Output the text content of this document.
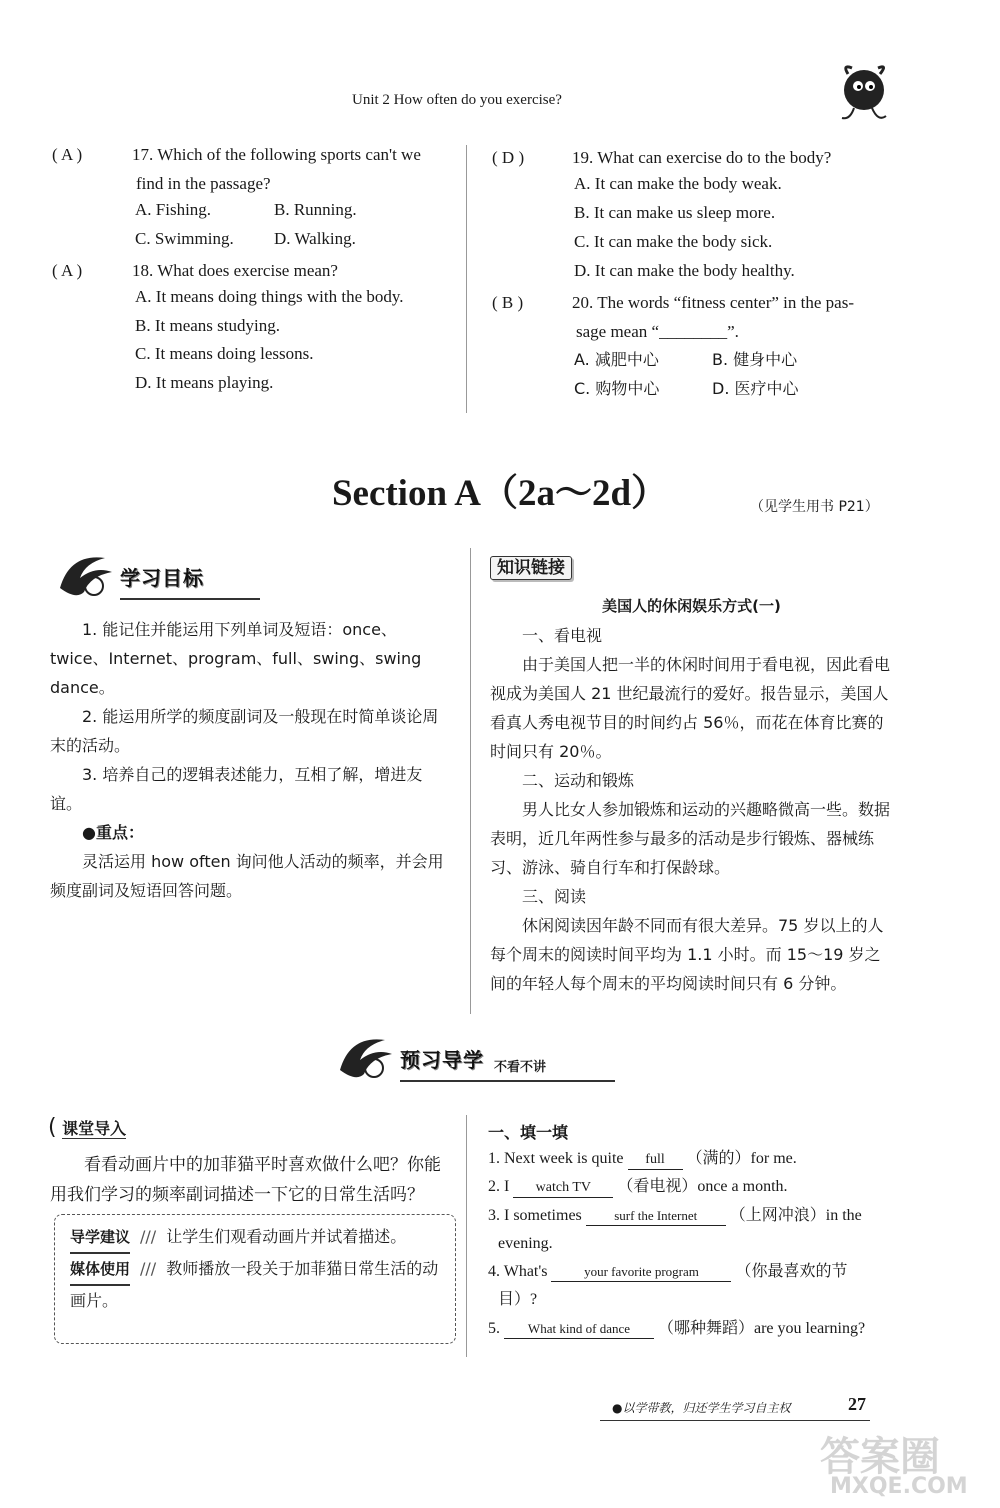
Unit 2 How often do you exercise?
( A )	17. Which of the following sports can't we
find in the passage?
A. Fishing.	B. Running.
C. Swimming. D. Walking.
( A )	18. What does exercise mean?
A. It means doing things with the body.
B. It means studying.
C. It means doing lessons.
D. It means playing.
( D )	19. What can exercise do to the body?
A. It can make the body weak.
B. It can make us sleep more.
C. It can make the body sick.
D. It can make the body healthy.
( B )	20. The words “fitness center” in the pas-
sage mean “________”.
A. 减肥中心	B. 健身中心
C. 购物中心	D. 医疗中心
Section A（2a～2d）	（见学生用书 P21）
学习目标

1. 能记住并能运用下列单词及短语：once、twice、Internet、program、full、swing、swing dance。

2. 能运用所学的频度副词及一般现在时简单谈论周末的活动。

3. 培养自己的逻辑表述能力，互相了解，增进友谊。

●重点：

灵活运用 how often 询问他人活动的频率，并会用频度副词及短语回答问题。

知识链接

美国人的休闲娱乐方式(一)

一、看电视

由于美国人把一半的休闲时间用于看电视，因此看电视成为美国人 21 世纪最流行的爱好。报告显示，美国人看真人秀电视节目的时间约占 56％，而花在体育比赛的时间只有 20％。

二、运动和锻炼

男人比女人参加锻炼和运动的兴趣略微高一些。数据表明，近几年两性参与最多的活动是步行锻炼、器械练习、游泳、骑自行车和打保龄球。

三、阅读

休闲阅读因年龄不同而有很大差异。75 岁以上的人每个周末的阅读时间平均为 1.1 小时。而 15～19 岁之间的年轻人每个周末的平均阅读时间只有 6 分钟。

预习导学 不看不讲
( 课堂导入

看看动画片中的加菲猫平时喜欢做什么吧？你能用我们学习的频率副词描述一下它的日常生活吗？

导学建议 /// 让学生们观看动画片并试着描述。

媒体使用 /// 教师播放一段关于加菲猫日常生活的动画片。

一、填一填
1. Next week is quite full （满的）for me.
2. I watch TV （看电视）once a month.
3. I sometimes surf the Internet （上网冲浪）in the
evening.
4. What's	your favorite program （你最喜欢的节
目）?
5. What kind of dance （哪种舞蹈）are you learning?
●以学带教，归还学生学习自主权	27
答案圈
MXQE.COM
